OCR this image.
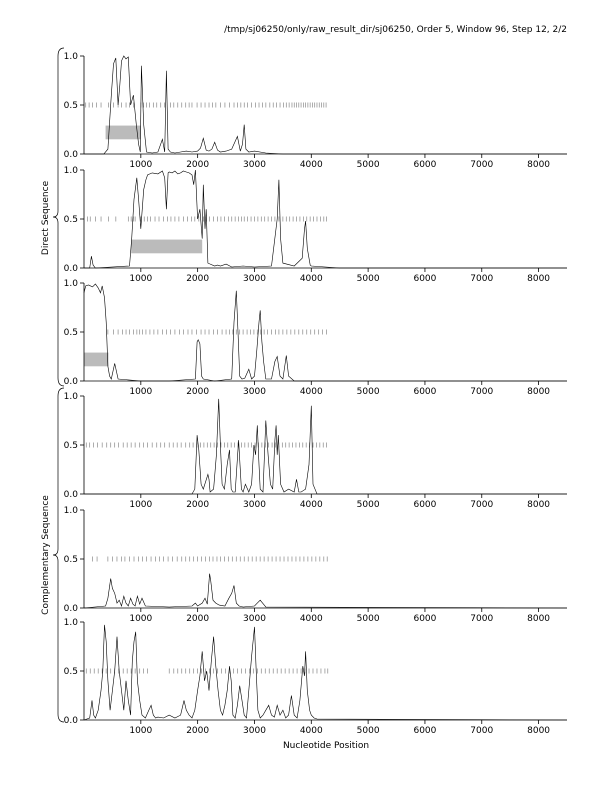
/tmp/sj06250/only/raw_result_dir/sj06250, Order 5, Window 96, Step 12, 2/2
0.0
0.5
1.0
1000	2000	3000	4000	5000	6000	7000	8000
0.0
0.5
1.0
1000	2000	3000	4000	5000	6000	7000	8000
0.0
0.5
1.0
1000	2000	3000	4000	5000	6000	7000	8000
0.0
0.5
1.0
1000	2000	3000	4000	5000	6000	7000	8000
0.0
0.5
1.0
1000	2000	3000	4000	5000	6000	7000	8000
0.0
0.5
1.0
1000	2000	3000	4000	5000	6000	7000	8000
Direct Sequence
Complementary Sequence
Nucleotide Position
